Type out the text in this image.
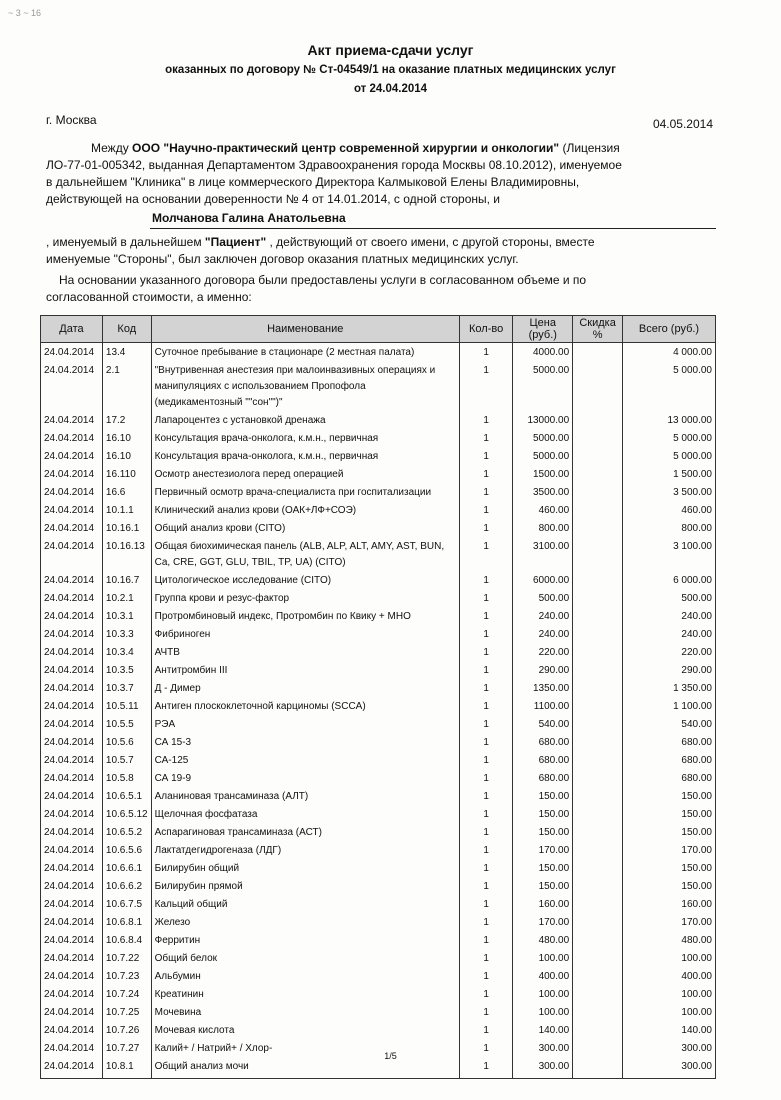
~ 3 ~ 16
Акт приема-сдачи услуг
оказанных по договору № Ст-04549/1 на оказание платных медицинских услуг
от 24.04.2014
г. Москва	04.05.2014
Между ООО "Научно-практический центр современной хирургии и онкологии" (Лицензия
ЛО-77-01-005342, выданная Департаментом Здравоохранения города Москвы 08.10.2012), именуемое
в дальнейшем "Клиника" в лице коммерческого Директора Калмыковой Елены Владимировны,
действующей на основании доверенности № 4 от 14.01.2014, с одной стороны, и
Молчанова Галина Анатольевна
, именуемый в дальнейшем "Пациент" , действующий от своего имени, с другой стороны, вместе
именуемые "Стороны", был заключен договор оказания платных медицинских услуг.
На основании указанного договора были предоставлены услуги в согласованном объеме и по
согласованной стоимости, а именно:
Дата	Код	Наименование	Кол-во	Цена (руб.)	Скидка %	Всего (руб.)
24.04.2014	13.4	Суточное пребывание в стационаре (2 местная палата)	1	4000.00		4 000.00
24.04.2014	2.1	"Внутривенная анестезия при малоинвазивных операциях и манипуляциях с использованием Пропофола (медикаментозный ""сон"")"	1	5000.00		5 000.00
24.04.2014	17.2	Лапароцентез с установкой дренажа	1	13000.00		13 000.00
24.04.2014	16.10	Консультация врача-онколога, к.м.н., первичная	1	5000.00		5 000.00
24.04.2014	16.10	Консультация врача-онколога, к.м.н., первичная	1	5000.00		5 000.00
24.04.2014	16.110	Осмотр анестезиолога перед операцией	1	1500.00		1 500.00
24.04.2014	16.6	Первичный осмотр врача-специалиста при госпитализации	1	3500.00		3 500.00
24.04.2014	10.1.1	Клинический анализ крови (ОАК+ЛФ+СОЭ)	1	460.00		460.00
24.04.2014	10.16.1	Общий анализ крови (CITO)	1	800.00		800.00
24.04.2014	10.16.13	Общая биохимическая панель (ALB, ALP, ALT, AMY, AST, BUN, Ca, CRE, GGT, GLU, TBIL, TP, UA) (CITO)	1	3100.00		3 100.00
24.04.2014	10.16.7	Цитологическое исследование (CITO)	1	6000.00		6 000.00
24.04.2014	10.2.1	Группа крови и резус-фактор	1	500.00		500.00
24.04.2014	10.3.1	Протромбиновый индекс, Протромбин по Квику + МНО	1	240.00		240.00
24.04.2014	10.3.3	Фибриноген	1	240.00		240.00
24.04.2014	10.3.4	АЧТВ	1	220.00		220.00
24.04.2014	10.3.5	Антитромбин III	1	290.00		290.00
24.04.2014	10.3.7	Д - Димер	1	1350.00		1 350.00
24.04.2014	10.5.11	Антиген плоскоклеточной карциномы (SCCA)	1	1100.00		1 100.00
24.04.2014	10.5.5	РЭА	1	540.00		540.00
24.04.2014	10.5.6	СА 15-3	1	680.00		680.00
24.04.2014	10.5.7	СА-125	1	680.00		680.00
24.04.2014	10.5.8	СА 19-9	1	680.00		680.00
24.04.2014	10.6.5.1	Аланиновая трансаминаза (АЛТ)	1	150.00		150.00
24.04.2014	10.6.5.12	Щелочная фосфатаза	1	150.00		150.00
24.04.2014	10.6.5.2	Аспарагиновая трансаминаза (АСТ)	1	150.00		150.00
24.04.2014	10.6.5.6	Лактатдегидрогеназа (ЛДГ)	1	170.00		170.00
24.04.2014	10.6.6.1	Билирубин общий	1	150.00		150.00
24.04.2014	10.6.6.2	Билирубин прямой	1	150.00		150.00
24.04.2014	10.6.7.5	Кальций общий	1	160.00		160.00
24.04.2014	10.6.8.1	Железо	1	170.00		170.00
24.04.2014	10.6.8.4	Ферритин	1	480.00		480.00
24.04.2014	10.7.22	Общий белок	1	100.00		100.00
24.04.2014	10.7.23	Альбумин	1	400.00		400.00
24.04.2014	10.7.24	Креатинин	1	100.00		100.00
24.04.2014	10.7.25	Мочевина	1	100.00		100.00
24.04.2014	10.7.26	Мочевая кислота	1	140.00		140.00
24.04.2014	10.7.27	Калий+ / Натрий+ / Хлор-	1	300.00		300.00
24.04.2014	10.8.1	Общий анализ мочи	1	300.00		300.00

1/5
